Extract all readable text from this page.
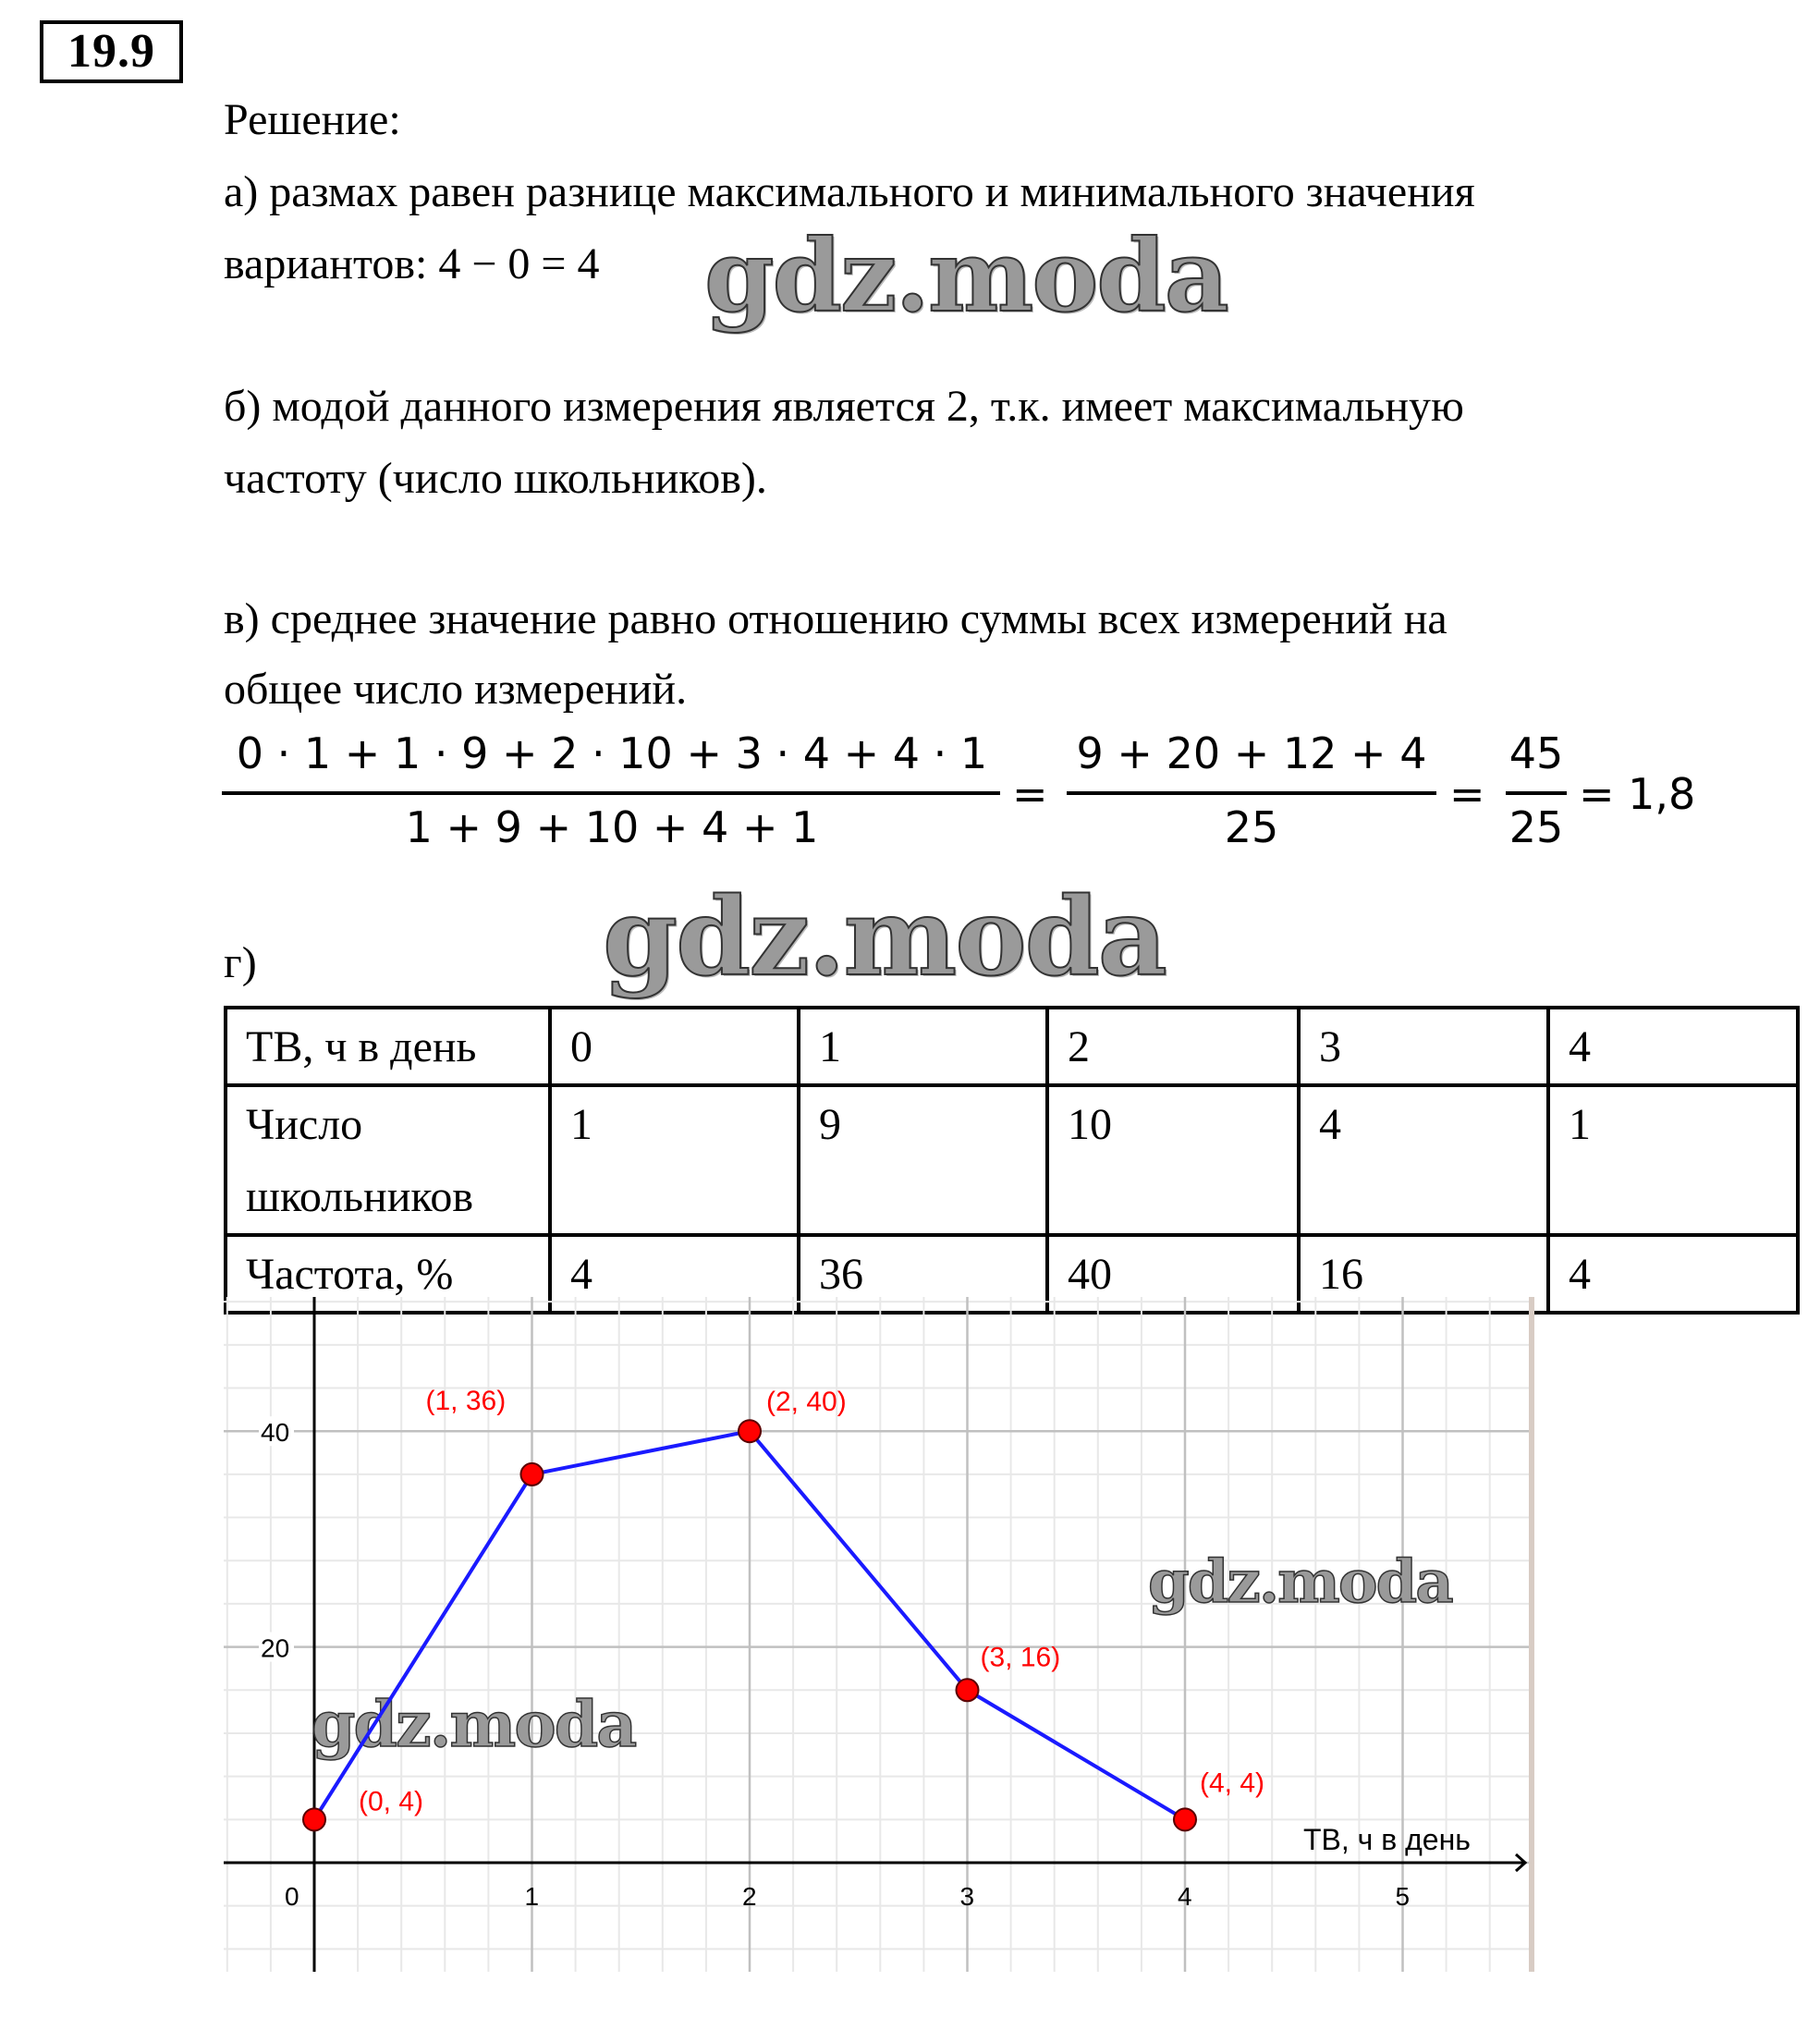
19.9
Решение:
а) размах равен разнице максимального и минимального значения
вариантов: 4 − 0 = 4
б) модой данного измерения является 2, т.к. имеет максимальную
частоту (число школьников).
в) среднее значение равно отношению суммы всех измерений на
общее число измерений.
0 · 1 + 1 · 9 + 2 · 10 + 3 · 4 + 4 · 1
1 + 9 + 10 + 4 + 1
=
9 + 20 + 12 + 4
25
=
45
25
= 1,8
г)
gdz.moda
gdz.moda
ТВ, ч в день	0	1	2	3	4

Число
школьников	1	9	10	4	1
Частота, %	4	36	40	16	4
0	1	2	3	4	5
20
40
ТВ, ч в день
gdz.moda
gdz.moda
(0, 4)
(1, 36)	(2, 40)
(3, 16)
(4, 4)
